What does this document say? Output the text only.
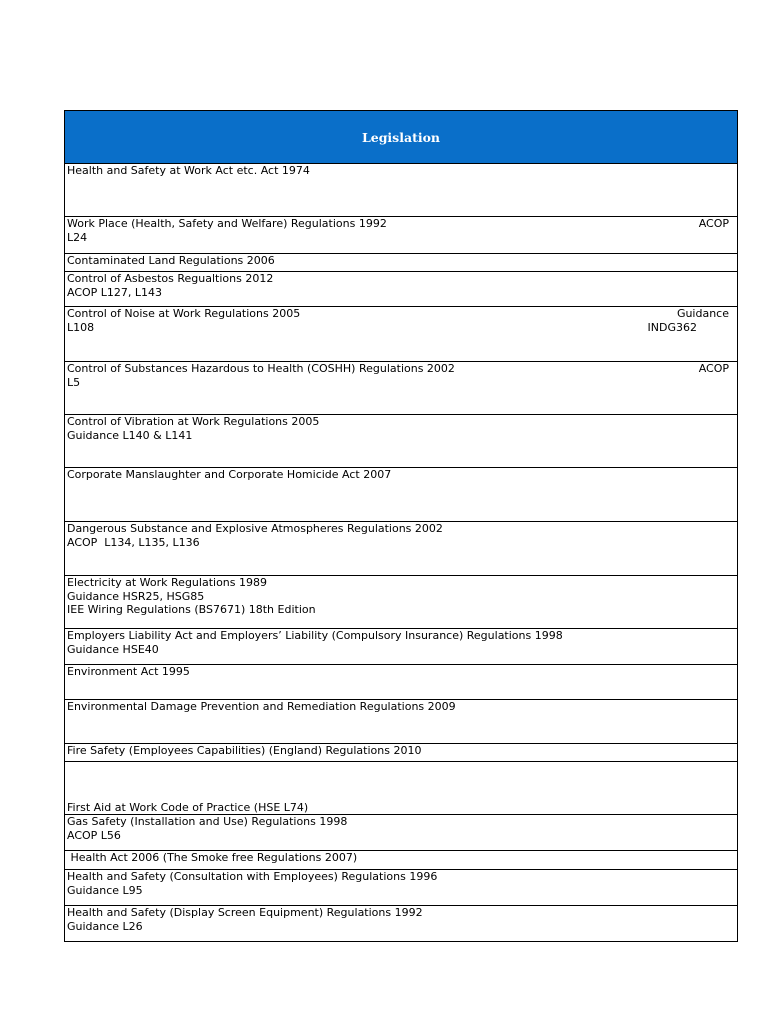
Legislation

Health and Safety at Work Act etc. Act 1974

Work Place (Health, Safety and Welfare) Regulations 1992	ACOP
L24

Contaminated Land Regulations 2006

Control of Asbestos Regualtions 2012
ACOP L127, L143

Control of Noise at Work Regulations 2005	Guidance
L108	INDG362

Control of Substances Hazardous to Health (COSHH) Regulations 2002	ACOP
L5

Control of Vibration at Work Regulations 2005
Guidance L140 & L141

Corporate Manslaughter and Corporate Homicide Act 2007

Dangerous Substance and Explosive Atmospheres Regulations 2002
ACOP  L134, L135, L136

Electricity at Work Regulations 1989
Guidance HSR25, HSG85
IEE Wiring Regulations (BS7671) 18th Edition

Employers Liability Act and Employers’ Liability (Compulsory Insurance) Regulations 1998
Guidance HSE40

Environment Act 1995

Environmental Damage Prevention and Remediation Regulations 2009

Fire Safety (Employees Capabilities) (England) Regulations 2010

First Aid at Work Code of Practice (HSE L74)

Gas Safety (Installation and Use) Regulations 1998
ACOP L56

Health Act 2006 (The Smoke free Regulations 2007)

Health and Safety (Consultation with Employees) Regulations 1996
Guidance L95

Health and Safety (Display Screen Equipment) Regulations 1992
Guidance L26
